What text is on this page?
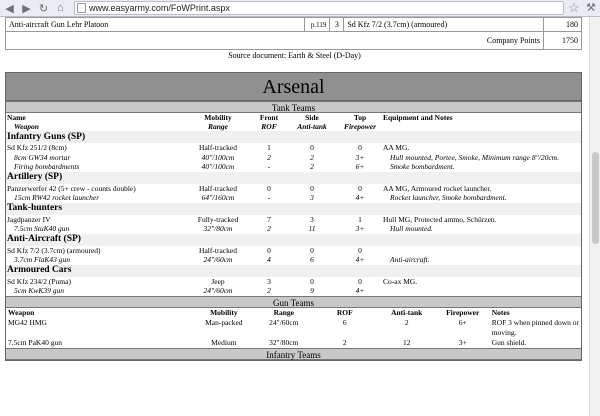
◀ ▶ ↻ ⌂	www.easyarmy.com/FoWPrint.aspx	☆ ⚒
Anti-aircraft Gun Lehr Platoon	p.119	3	Sd Kfz 7/2 (3.7cm) (armoured)	180
Company Points				1750
Source document: Earth & Steel (D-Day)
Arsenal
Tank Teams
Name	Mobility	Front	Side	Top	Equipment and Notes
Weapon	Range	ROF	Anti-tank	Firepower	
Infantry Guns (SP)					
Sd Kfz 251/2 (8cm)	Half-tracked	1	0	0	AA MG.
8cm GW34 mortar	40"/100cm	2	2	3+	Hull mounted, Portee, Smoke, Minimum range 8"/20cm.
Firing bombardments	40"/100cm	-	2	6+	Smoke bombardment.
Artillery (SP)					
Panzerwerfer 42 (5+ crew - counts double)	Half-tracked	0	0	0	AA MG, Armoured rocket launcher.
15cm RW42 rocket launcher	64"/160cm	-	3	4+	Rocket launcher, Smoke bombardment.
Tank-hunters					
Jagdpanzer IV	Fully-tracked	7	3	1	Hull MG, Protected ammo, Schürzen.
7.5cm StuK40 gun	32"/80cm	2	11	3+	Hull mounted.
Anti-Aircraft (SP)					
Sd Kfz 7/2 (3.7cm) (armoured)	Half-tracked	0	0	0	
3.7cm FlaK43 gun	24"/60cm	4	6	4+	Anti-aircraft.
Armoured Cars					
Sd Kfz 234/2 (Puma)	Jeep	3	0	0	Co-ax MG.
5cm KwK39 gun	24"/60cm	2	9	4+	
Gun Teams
Weapon	Mobility	Range	ROF	Anti-tank	Firepower	Notes
MG42 HMG	Man-packed	24"/60cm	6	2	6+	ROF 3 when pinned down or
						moving.
7.5cm PaK40 gun	Medium	32"/80cm	2	12	3+	Gun shield.
Infantry Teams
